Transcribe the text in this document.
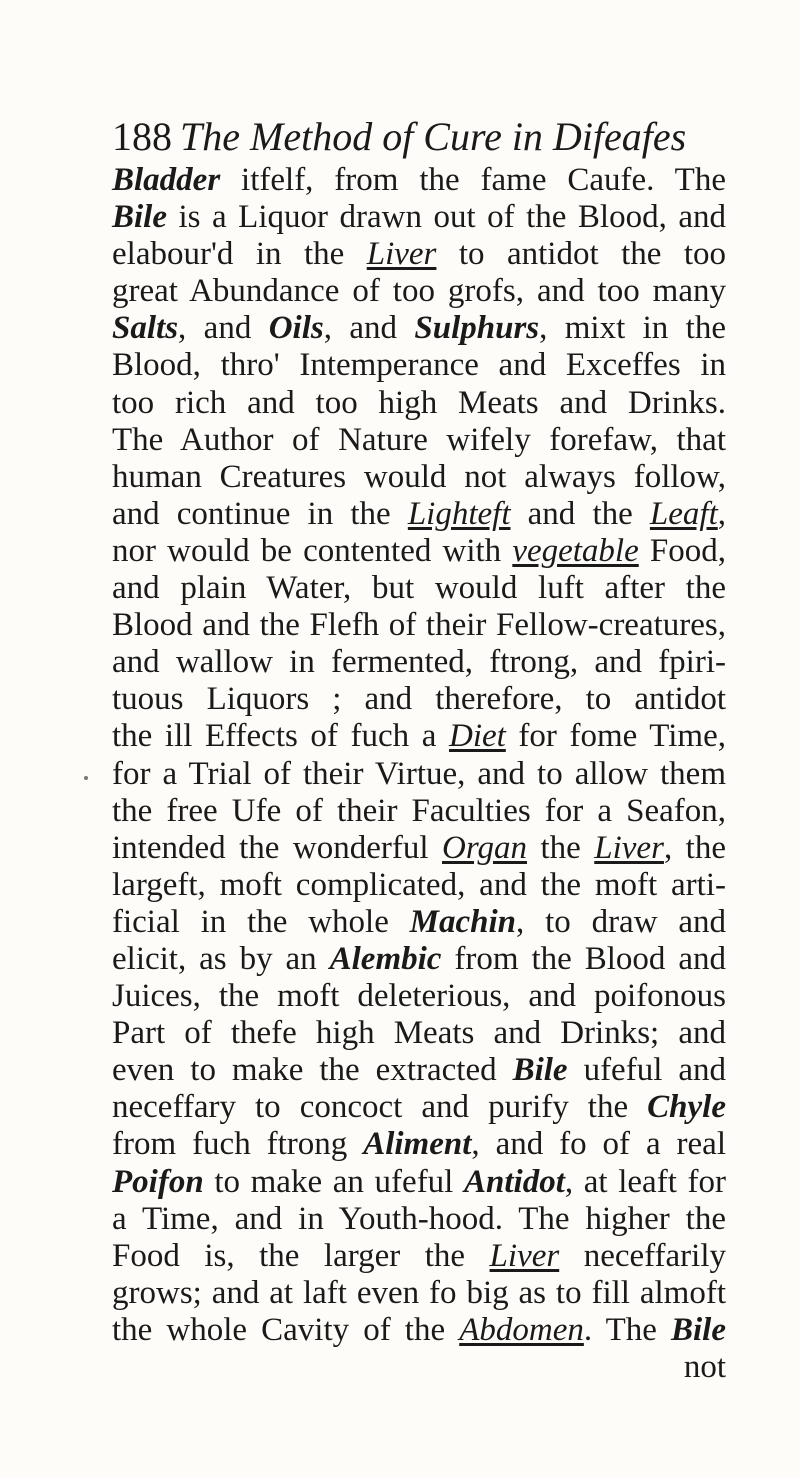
188 The Method of Cure in Difeafes
Bladder itfelf, from the fame Caufe. The
Bile is a Liquor drawn out of the Blood, and
elabour'd in the Liver to antidot the too
great Abundance of too grofs, and too many
Salts, and Oils, and Sulphurs, mixt in the
Blood, thro' Intemperance and Exceffes in
too rich and too high Meats and Drinks.
The Author of Nature wifely forefaw, that
human Creatures would not always follow,
and continue in the Lighteft and the Leaft,
nor would be contented with vegetable Food,
and plain Water, but would luft after the
Blood and the Flefh of their Fellow-creatures,
and wallow in fermented, ftrong, and fpiri-
tuous Liquors ; and therefore, to antidot
the ill Effects of fuch a Diet for fome Time,
for a Trial of their Virtue, and to allow them
the free Ufe of their Faculties for a Seafon,
intended the wonderful Organ the Liver, the
largeft, moft complicated, and the moft arti-
ficial in the whole Machin, to draw and
elicit, as by an Alembic from the Blood and
Juices, the moft deleterious, and poifonous
Part of thefe high Meats and Drinks; and
even to make the extracted Bile ufeful and
neceffary to concoct and purify the Chyle
from fuch ftrong Aliment, and fo of a real
Poifon to make an ufeful Antidot, at leaft for
a Time, and in Youth-hood. The higher the
Food is, the larger the Liver neceffarily
grows; and at laft even fo big as to fill almoft
the whole Cavity of the Abdomen. The Bile
not
